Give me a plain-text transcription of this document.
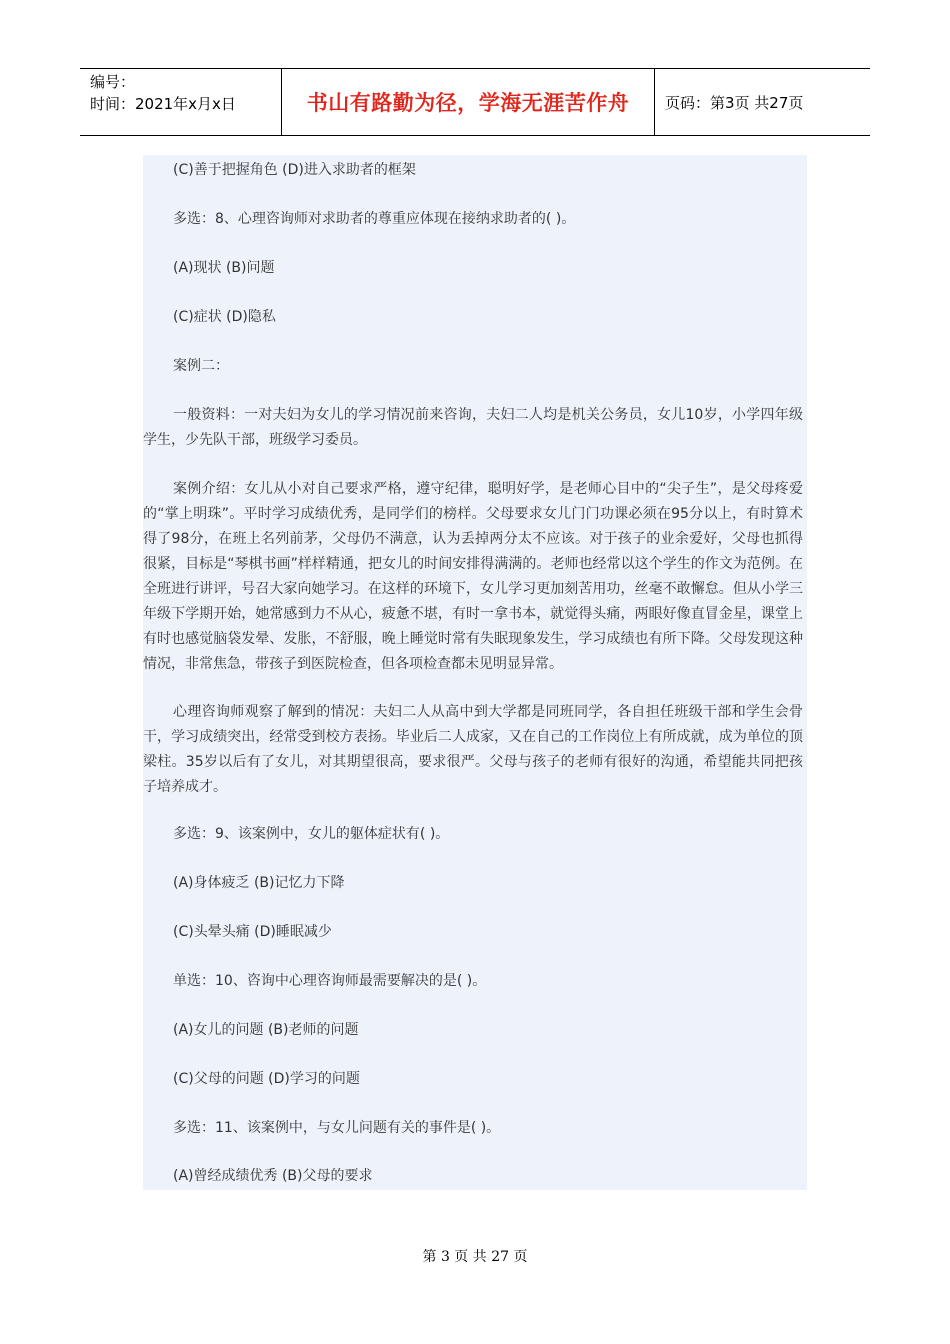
编号：
时间：2021年x月x日	书山有路勤为径，学海无涯苦作舟 页码：第3页 共27页

(C)善于把握角色 (D)进入求助者的框架

多选：8、心理咨询师对求助者的尊重应体现在接纳求助者的( )。

(A)现状 (B)问题

(C)症状 (D)隐私

案例二：

一般资料：一对夫妇为女儿的学习情况前来咨询，夫妇二人均是机关公务员，女儿10岁，小学四年级学生，少先队干部，班级学习委员。

案例介绍：女儿从小对自己要求严格，遵守纪律，聪明好学，是老师心目中的“尖子生”，是父母疼爱的“掌上明珠”。平时学习成绩优秀，是同学们的榜样。父母要求女儿门门功课必须在95分以上，有时算术得了98分，在班上名列前茅，父母仍不满意，认为丢掉两分太不应该。对于孩子的业余爱好，父母也抓得很紧，目标是“琴棋书画”样样精通，把女儿的时间安排得满满的。老师也经常以这个学生的作文为范例。在全班进行讲评，号召大家向她学习。在这样的环境下，女儿学习更加刻苦用功，丝毫不敢懈怠。但从小学三年级下学期开始，她常感到力不从心，疲惫不堪，有时一拿书本，就觉得头痛，两眼好像直冒金星，课堂上有时也感觉脑袋发晕、发胀，不舒服，晚上睡觉时常有失眠现象发生，学习成绩也有所下降。父母发现这种情况，非常焦急，带孩子到医院检查，但各项检查都未见明显异常。

心理咨询师观察了解到的情况：夫妇二人从高中到大学都是同班同学，各自担任班级干部和学生会骨干，学习成绩突出，经常受到校方表扬。毕业后二人成家，又在自己的工作岗位上有所成就，成为单位的顶梁柱。35岁以后有了女儿，对其期望很高，要求很严。父母与孩子的老师有很好的沟通，希望能共同把孩子培养成才。

多选：9、该案例中，女儿的躯体症状有( )。

(A)身体疲乏 (B)记忆力下降

(C)头晕头痛 (D)睡眠减少

单选：10、咨询中心理咨询师最需要解决的是( )。

(A)女儿的问题 (B)老师的问题

(C)父母的问题 (D)学习的问题

多选：11、该案例中，与女儿问题有关的事件是( )。

(A)曾经成绩优秀 (B)父母的要求

第 3 页 共 27 页
